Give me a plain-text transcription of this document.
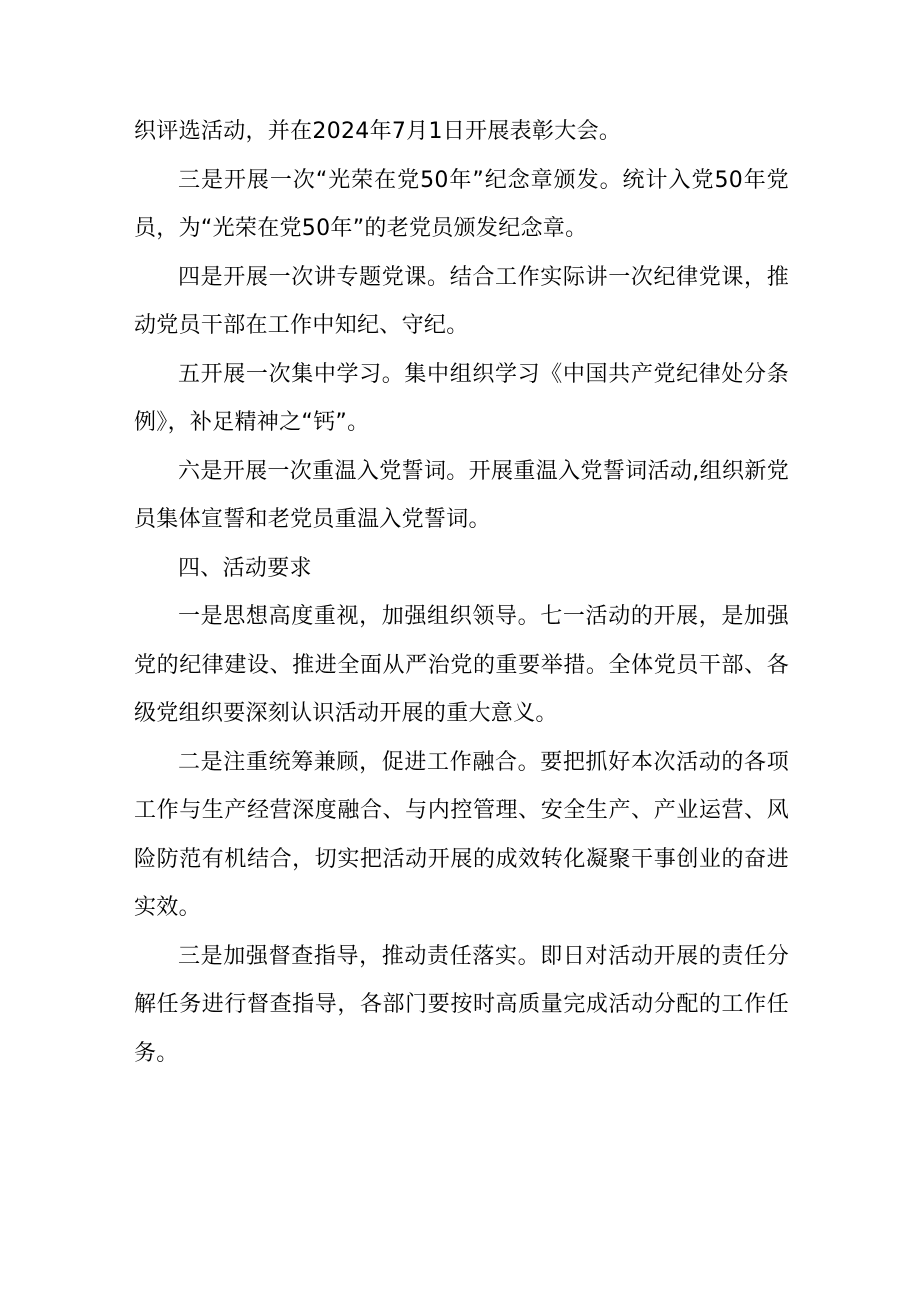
织评选活动，并在2024年7月1日开展表彰大会。

三是开展一次“光荣在党50年”纪念章颁发。统计入党50年党员，为“光荣在党50年”的老党员颁发纪念章。

四是开展一次讲专题党课。结合工作实际讲一次纪律党课，推动党员干部在工作中知纪、守纪。

五开展一次集中学习。集中组织学习《中国共产党纪律处分条例》，补足精神之“钙”。

六是开展一次重温入党誓词。开展重温入党誓词活动,组织新党员集体宣誓和老党员重温入党誓词。

四、活动要求

一是思想高度重视，加强组织领导。七一活动的开展，是加强党的纪律建设、推进全面从严治党的重要举措。全体党员干部、各级党组织要深刻认识活动开展的重大意义。

二是注重统筹兼顾，促进工作融合。要把抓好本次活动的各项工作与生产经营深度融合、与内控管理、安全生产、产业运营、风险防范有机结合，切实把活动开展的成效转化凝聚干事创业的奋进实效。

三是加强督查指导，推动责任落实。即日对活动开展的责任分解任务进行督查指导，各部门要按时高质量完成活动分配的工作任务。
